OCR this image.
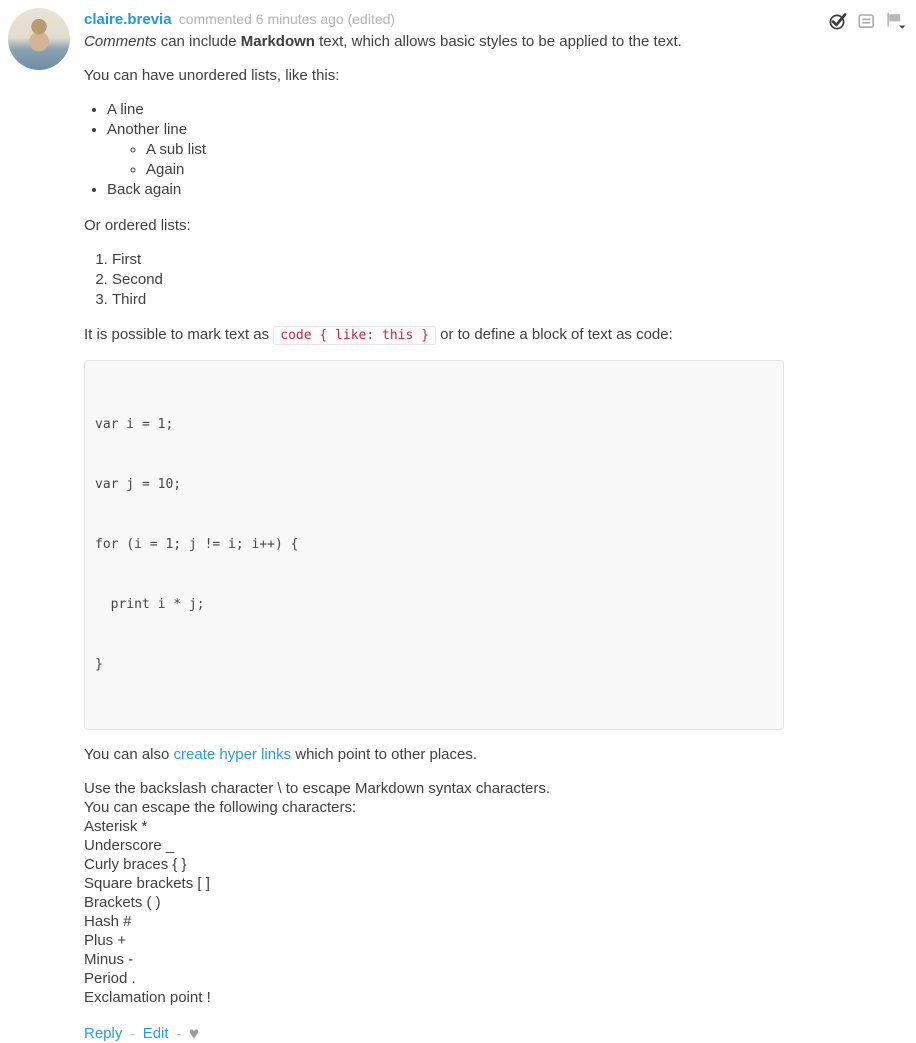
claire.brevia commented 6 minutes ago (edited)

Comments can include Markdown text, which allows basic styles to be applied to the text.

You can have unordered lists, like this:

• A line
• Another line
◦ A sub list
◦ Again
• Back again

Or ordered lists:

1. First
2. Second
3. Third

It is possible to mark text as code { like: this } or to define a block of text as code:

var i = 1;

var j = 10;

for (i = 1; j != i; i++) {

print i * j;

}

You can also create hyper links which point to other places.

Use the backslash character \ to escape Markdown syntax characters.
You can escape the following characters:
Asterisk *
Underscore _
Curly braces { }
Square brackets [ ]
Brackets ( )
Hash #
Plus +
Minus -
Period .
Exclamation point !
Reply - Edit - ♥
